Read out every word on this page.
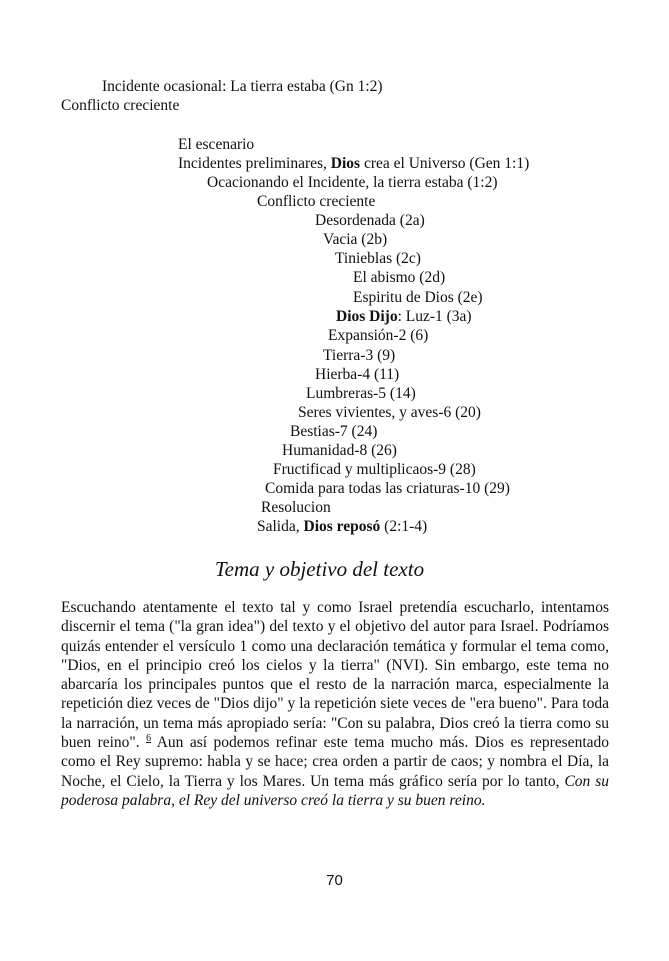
Incidente ocasional: La tierra estaba (Gn 1:2)
Conflicto creciente
El escenario
Incidentes preliminares, Dios crea el Universo (Gen 1:1)
Ocacionando el Incidente, la tierra estaba (1:2)
Conflicto creciente
Desordenada (2a)
Vacia (2b)
Tinieblas (2c)
El abismo (2d)
Espiritu de Dios (2e)
Dios Dijo: Luz-1 (3a)
Expansión-2 (6)
Tierra-3 (9)
Hierba-4 (11)
Lumbreras-5 (14)
Seres vivientes, y aves-6 (20)
Bestias-7 (24)
Humanidad-8 (26)
Fructificad y multiplicaos-9 (28)
Comida para todas las criaturas-10 (29)
Resolucion
Salida, Dios reposó (2:1-4)
Tema y objetivo del texto

Escuchando atentamente el texto tal y como Israel pretendía escucharlo, intentamos discernir el tema ("la gran idea") del texto y el objetivo del autor para Israel. Podríamos quizás entender el versículo 1 como una declaración temática y formular el tema como, "Dios, en el principio creó los cielos y la tierra" (NVI). Sin embargo, este tema no abarcaría los principales puntos que el resto de la narración marca, especialmente la repetición diez veces de "Dios dijo" y la repetición siete veces de "era bueno". Para toda la narración, un tema más apropiado sería: "Con su palabra, Dios creó la tierra como su buen reino". $^6$ Aun así podemos refinar este tema mucho más. Dios es representado como el Rey supremo: habla y se hace; crea orden a partir de caos; y nombra el Día, la Noche, el Cielo, la Tierra y los Mares. Un tema más gráfico sería por lo tanto, Con su poderosa palabra, el Rey del universo creó la tierra y su buen reino.

70
